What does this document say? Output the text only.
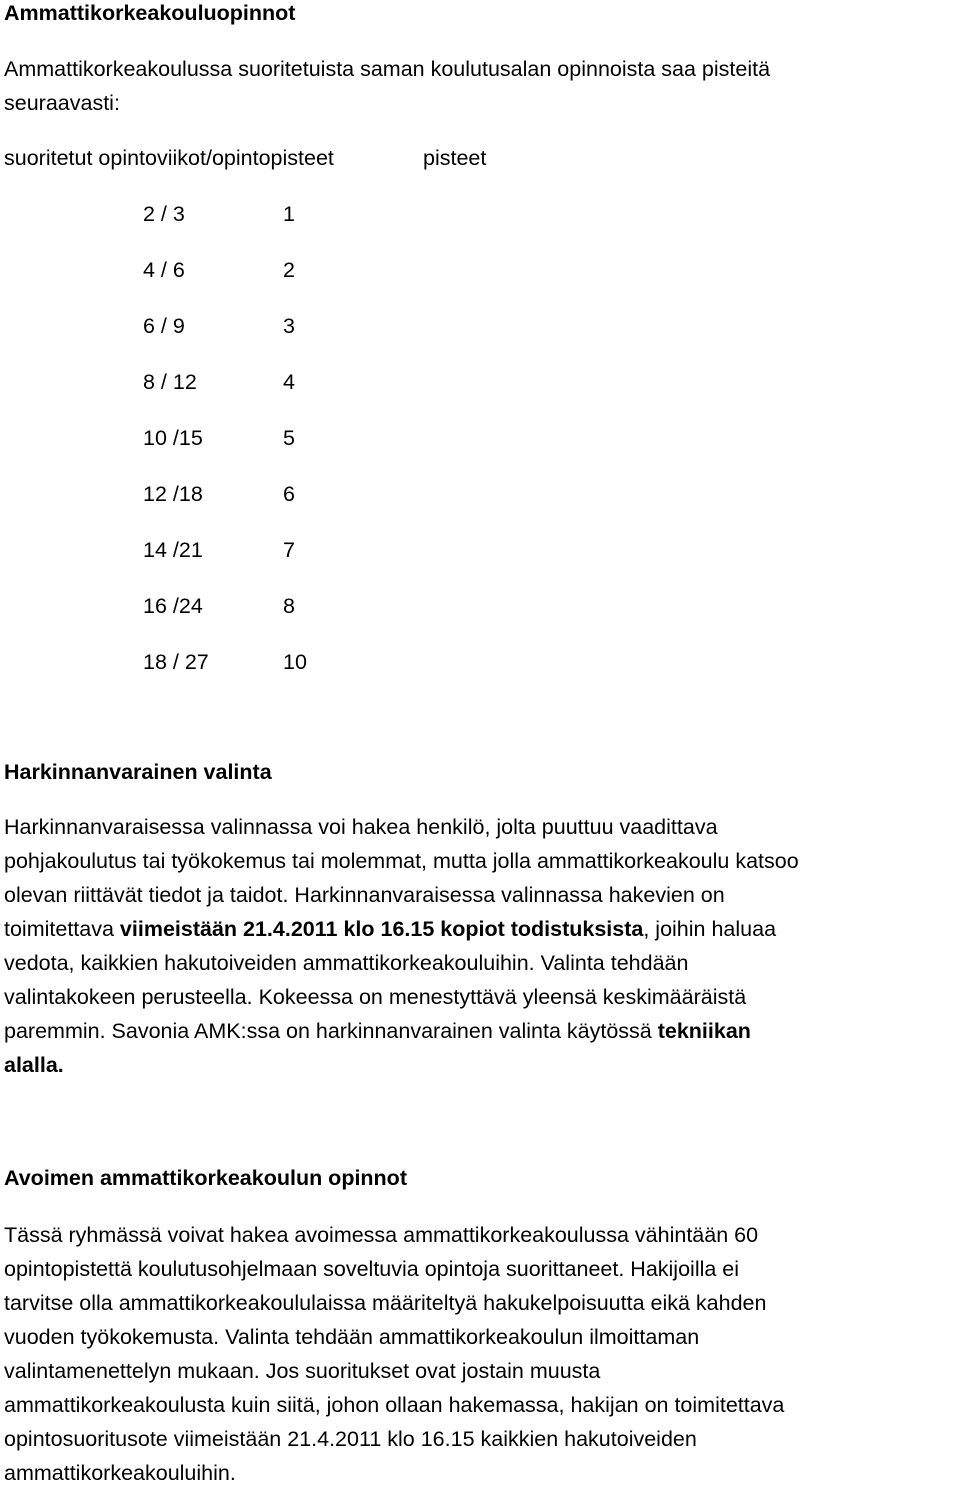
Ammattikorkeakouluopinnot

Ammattikorkeakoulussa suoritetuista saman koulutusalan opinnoista saa pisteitä
seuraavasti:

suoritetut opintoviikot/opintopisteet	pisteet
2 / 3	1
4 / 6	2
6 / 9	3
8 / 12	4
10 /15	5
12 /18	6
14 /21	7
16 /24	8
18 / 27	10
Harkinnanvarainen valinta

Harkinnanvaraisessa valinnassa voi hakea henkilö, jolta puuttuu vaadittava
pohjakoulutus tai työkokemus tai molemmat, mutta jolla ammattikorkeakoulu katsoo
olevan riittävät tiedot ja taidot. Harkinnanvaraisessa valinnassa hakevien on
toimitettava viimeistään 21.4.2011 klo 16.15 kopiot todistuksista, joihin haluaa
vedota, kaikkien hakutoiveiden ammattikorkeakouluihin. Valinta tehdään
valintakokeen perusteella. Kokeessa on menestyttävä yleensä keskimääräistä
paremmin. Savonia AMK:ssa on harkinnanvarainen valinta käytössä tekniikan
alalla.

Avoimen ammattikorkeakoulun opinnot

Tässä ryhmässä voivat hakea avoimessa ammattikorkeakoulussa vähintään 60
opintopistettä koulutusohjelmaan soveltuvia opintoja suorittaneet. Hakijoilla ei
tarvitse olla ammattikorkeakoululaissa määriteltyä hakukelpoisuutta eikä kahden
vuoden työkokemusta. Valinta tehdään ammattikorkeakoulun ilmoittaman
valintamenettelyn mukaan. Jos suoritukset ovat jostain muusta
ammattikorkeakoulusta kuin siitä, johon ollaan hakemassa, hakijan on toimitettava
opintosuoritusote viimeistään 21.4.2011 klo 16.15 kaikkien hakutoiveiden
ammattikorkeakouluihin.
